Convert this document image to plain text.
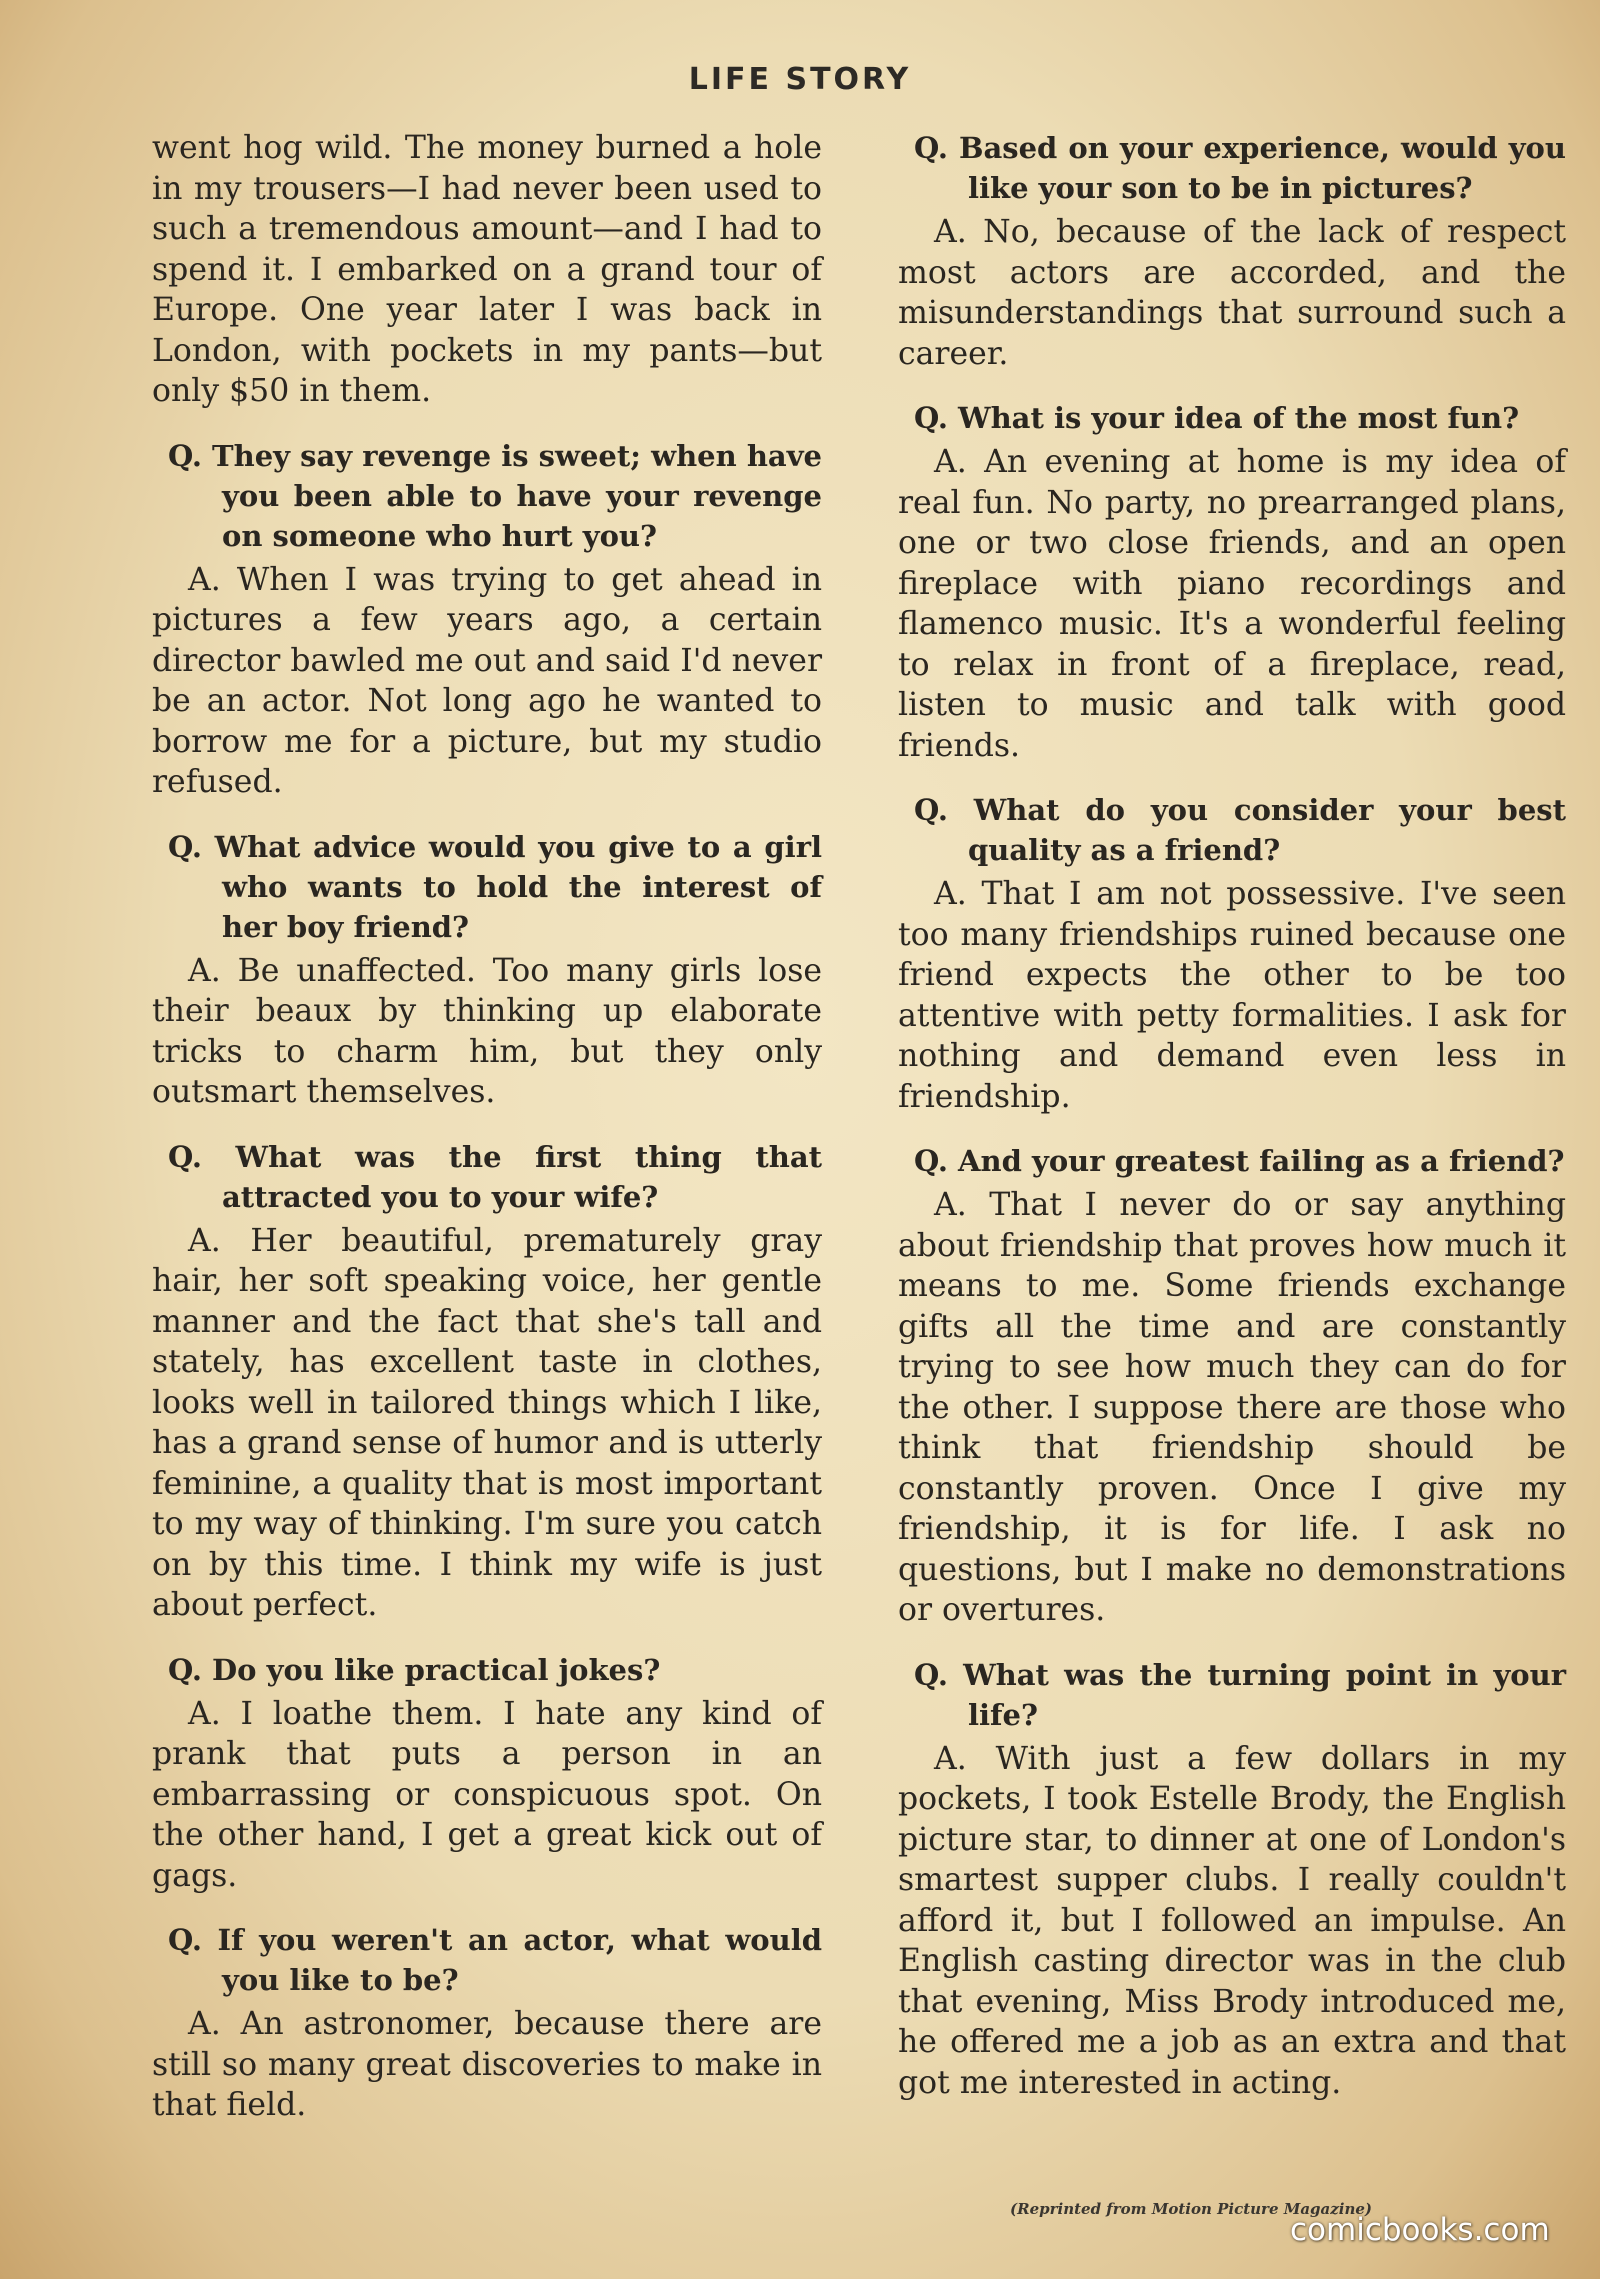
LIFE STORY

went hog wild. The money burned a hole in my trousers—I had never been used to such a tremendous amount—and I had to spend it. I embarked on a grand tour of Europe. One year later I was back in London, with pockets in my pants—but only $50 in them.

Q. They say revenge is sweet; when have you been able to have your revenge on someone who hurt you?

A. When I was trying to get ahead in pictures a few years ago, a certain director bawled me out and said I'd never be an actor. Not long ago he wanted to borrow me for a picture, but my studio refused.

Q. What advice would you give to a girl who wants to hold the interest of her boy friend?

A. Be unaffected. Too many girls lose their beaux by thinking up elaborate tricks to charm him, but they only outsmart themselves.

Q. What was the first thing that attracted you to your wife?

A. Her beautiful, prematurely gray hair, her soft speaking voice, her gentle manner and the fact that she's tall and stately, has excellent taste in clothes, looks well in tailored things which I like, has a grand sense of humor and is utterly feminine, a quality that is most important to my way of thinking. I'm sure you catch on by this time. I think my wife is just about perfect.

Q. Do you like practical jokes?

A. I loathe them. I hate any kind of prank that puts a person in an embarrassing or conspicuous spot. On the other hand, I get a great kick out of gags.

Q. If you weren't an actor, what would you like to be?

A. An astronomer, because there are still so many great discoveries to make in that field.

Q. Based on your experience, would you like your son to be in pictures?

A. No, because of the lack of respect most actors are accorded, and the misunderstandings that surround such a career.

Q. What is your idea of the most fun?

A. An evening at home is my idea of real fun. No party, no prearranged plans, one or two close friends, and an open fireplace with piano recordings and flamenco music. It's a wonderful feeling to relax in front of a fireplace, read, listen to music and talk with good friends.

Q. What do you consider your best quality as a friend?

A. That I am not possessive. I've seen too many friendships ruined because one friend expects the other to be too attentive with petty formalities. I ask for nothing and demand even less in friendship.

Q. And your greatest failing as a friend?

A. That I never do or say anything about friendship that proves how much it means to me. Some friends exchange gifts all the time and are constantly trying to see how much they can do for the other. I suppose there are those who think that friendship should be constantly proven. Once I give my friendship, it is for life. I ask no questions, but I make no demonstrations or overtures.

Q. What was the turning point in your life?

A. With just a few dollars in my pockets, I took Estelle Brody, the English picture star, to dinner at one of London's smartest supper clubs. I really couldn't afford it, but I followed an impulse. An English casting director was in the club that evening, Miss Brody introduced me, he offered me a job as an extra and that got me interested in acting.

(Reprinted from Motion Picture Magazine)
comicbooks.com
